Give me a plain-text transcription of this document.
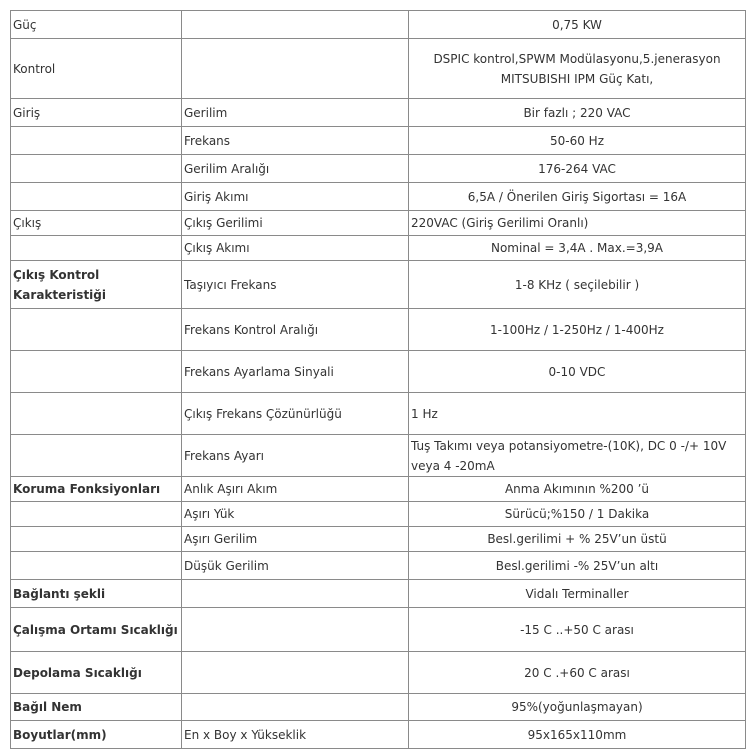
Güç		0,75 KW
Kontrol		DSPIC kontrol,SPWM Modülasyonu,5.jenerasyon MITSUBISHI IPM Güç Katı,
Giriş	Gerilim	Bir fazlı ; 220 VAC
	Frekans	50-60 Hz
	Gerilim Aralığı	176-264 VAC
	Giriş Akımı	6,5A / Önerilen Giriş Sigortası = 16A
Çıkış	Çıkış Gerilimi	220VAC (Giriş Gerilimi Oranlı)
	Çıkış Akımı	Nominal = 3,4A . Max.=3,9A
Çıkış Kontrol Karakteristiği	Taşıyıcı Frekans	1-8 KHz ( seçilebilir )
	Frekans Kontrol Aralığı	1-100Hz / 1-250Hz / 1-400Hz
	Frekans Ayarlama Sinyali	0-10 VDC
	Çıkış Frekans Çözünürlüğü	1 Hz
	Frekans Ayarı	Tuş Takımı veya potansiyometre-(10K), DC 0 -/+ 10V veya 4 -20mA
Koruma Fonksiyonları	Anlık Aşırı Akım	Anma Akımının %200 ’ü
	Aşırı Yük	Sürücü;%150 / 1 Dakika
	Aşırı Gerilim	Besl.gerilimi + % 25V’un üstü
	Düşük Gerilim	Besl.gerilimi -% 25V’un altı
Bağlantı şekli		Vidalı Terminaller
Çalışma Ortamı Sıcaklığı		-15 C ..+50 C arası
Depolama Sıcaklığı		20 C .+60 C arası
Bağıl Nem		95%(yoğunlaşmayan)
Boyutlar(mm)	En x Boy x Yükseklik	95x165x110mm
